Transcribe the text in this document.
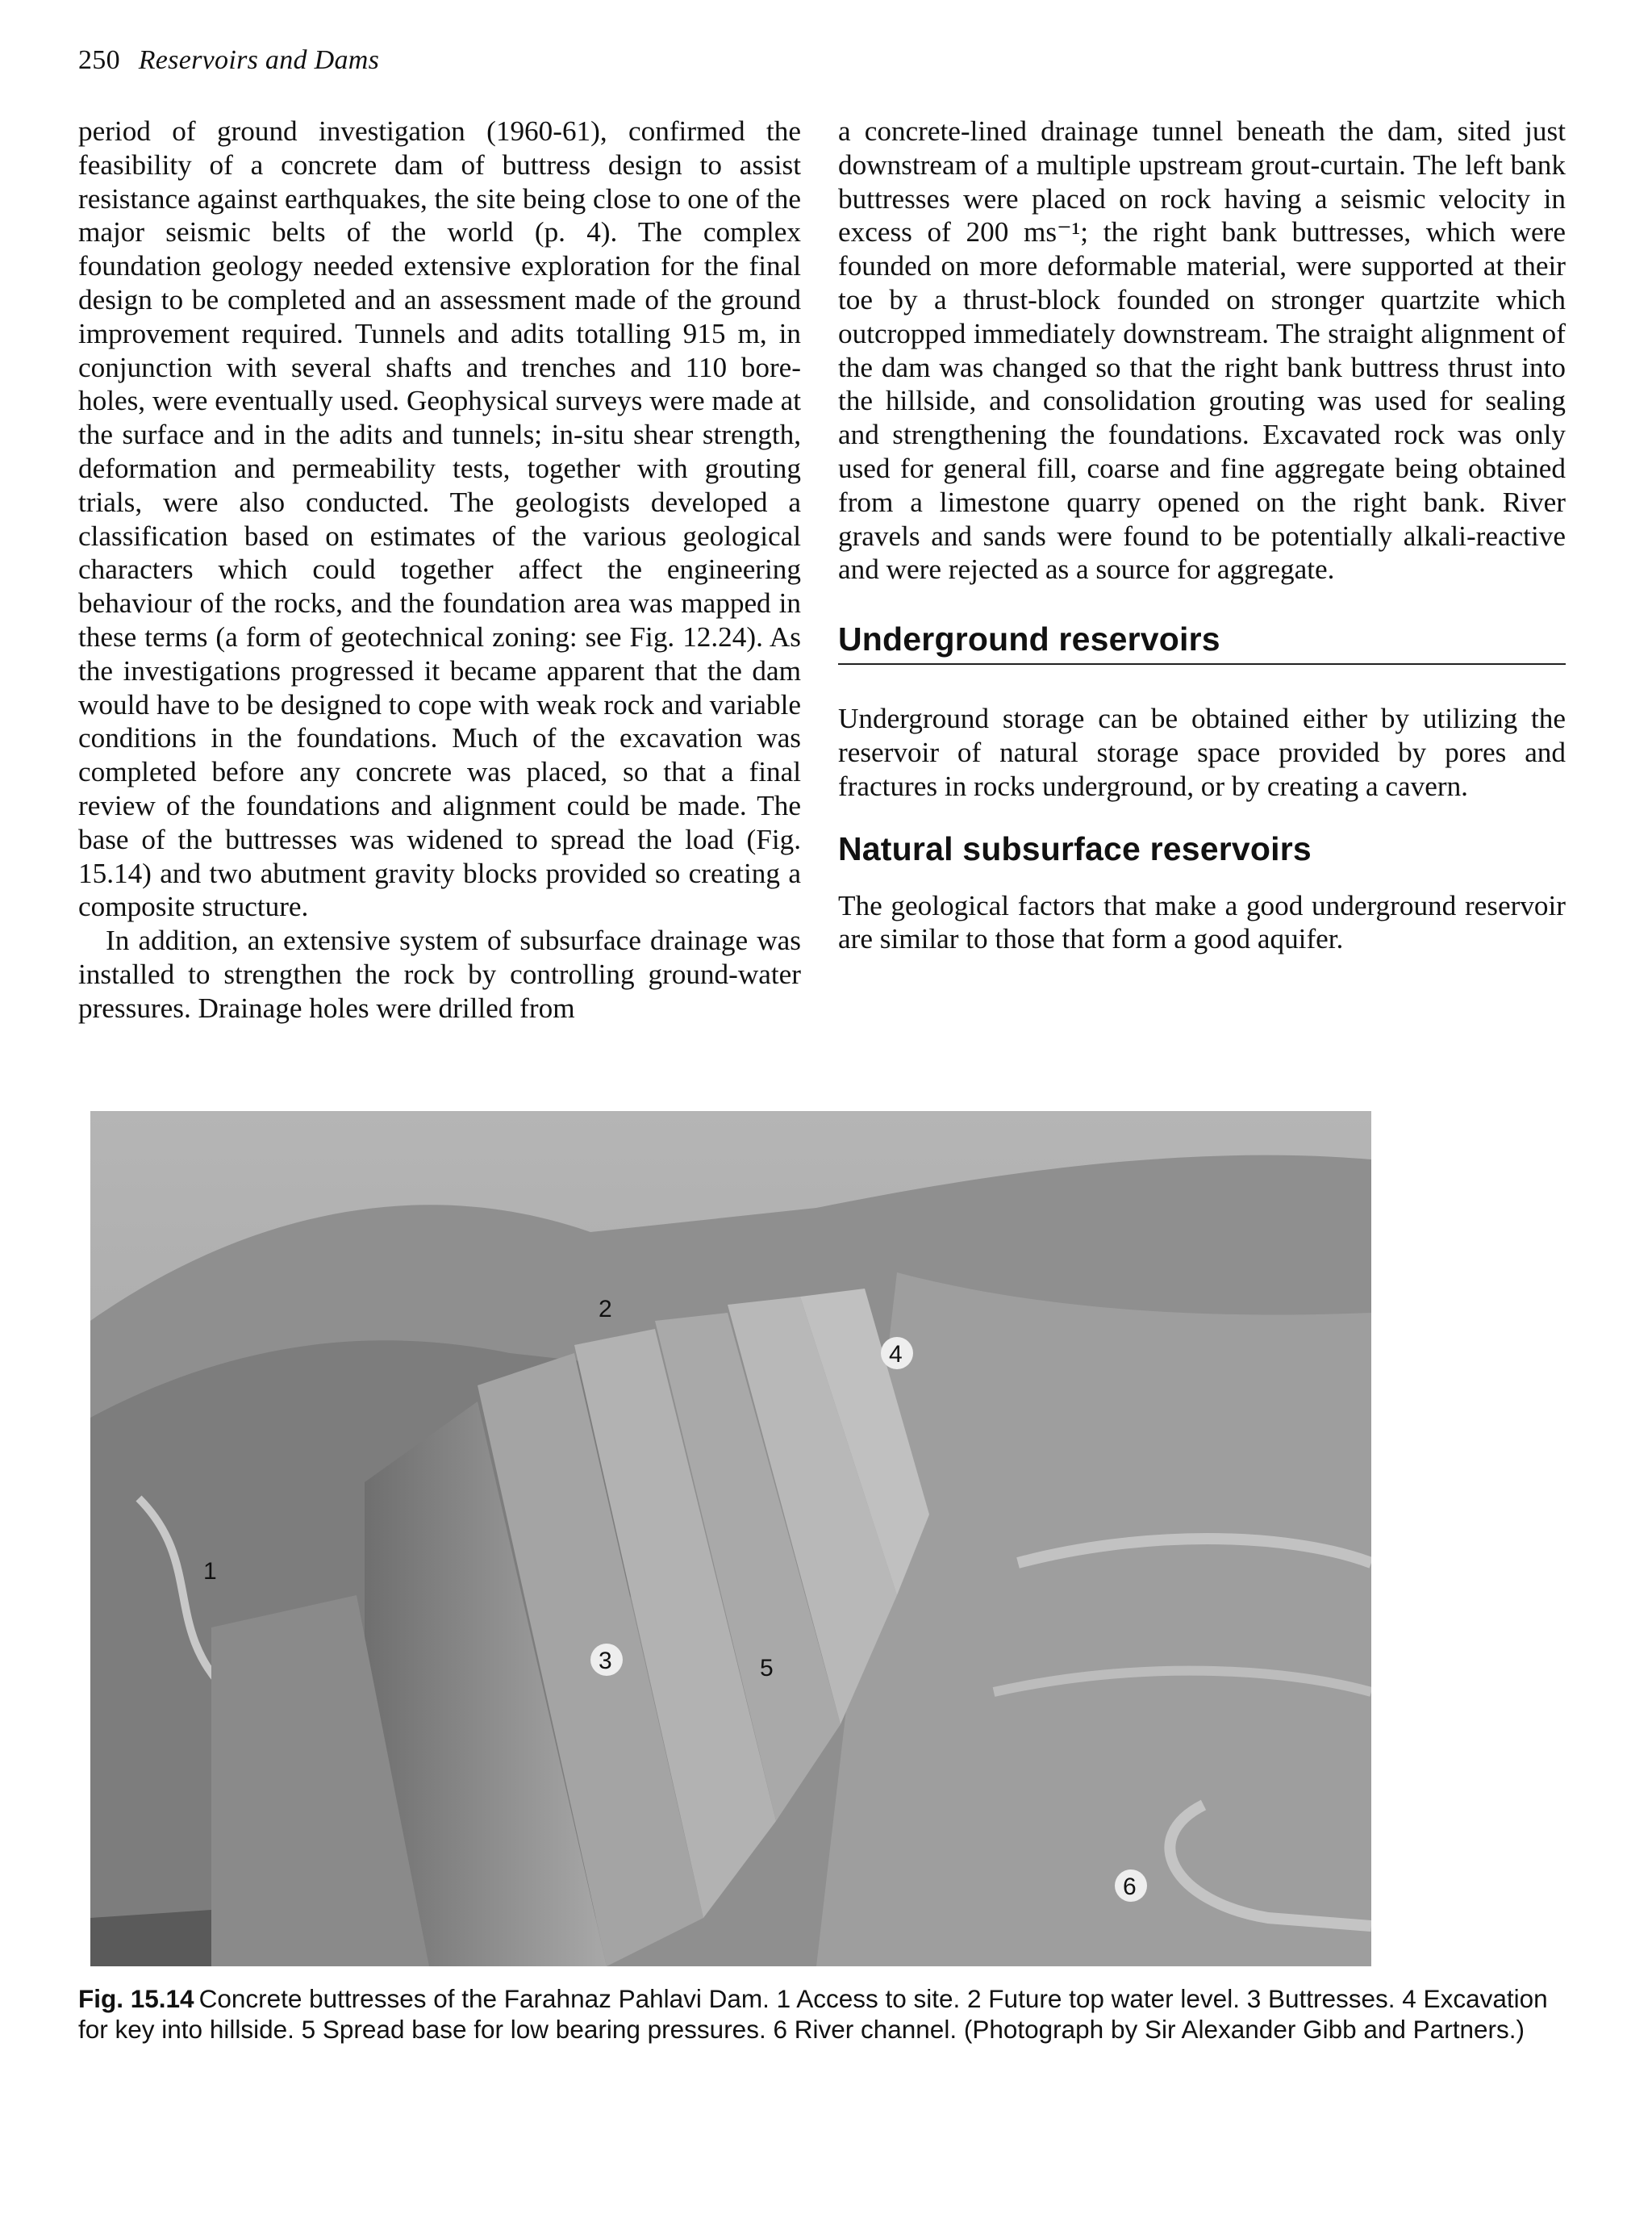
250 Reservoirs and Dams

period of ground investigation (1960-61), confirmed the feasibility of a concrete dam of buttress design to assist resistance against earthquakes, the site being close to one of the major seismic belts of the world (p. 4). The complex foundation geology needed extensive exploration for the final design to be completed and an assessment made of the ground improvement required. Tunnels and adits totalling 915 m, in conjunction with several shafts and trenches and 110 bore-holes, were eventually used. Geophysical surveys were made at the surface and in the adits and tunnels; in-situ shear strength, deformation and permeability tests, together with grouting trials, were also conducted. The geologists developed a classification based on estimates of the various geological characters which could together affect the engineering behaviour of the rocks, and the foundation area was mapped in these terms (a form of geotechnical zoning: see Fig. 12.24). As the investigations progressed it became apparent that the dam would have to be designed to cope with weak rock and variable conditions in the foundations. Much of the excavation was completed before any concrete was placed, so that a final review of the foundations and alignment could be made. The base of the buttresses was widened to spread the load (Fig. 15.14) and two abutment gravity blocks provided so creating a composite structure.

In addition, an extensive system of subsurface drainage was installed to strengthen the rock by controlling ground-water pressures. Drainage holes were drilled from

a concrete-lined drainage tunnel beneath the dam, sited just downstream of a multiple upstream grout-curtain. The left bank buttresses were placed on rock having a seismic velocity in excess of 200 ms⁻¹; the right bank buttresses, which were founded on more deformable material, were supported at their toe by a thrust-block founded on stronger quartzite which outcropped immediately downstream. The straight alignment of the dam was changed so that the right bank buttress thrust into the hillside, and consolidation grouting was used for sealing and strengthening the foundations. Excavated rock was only used for general fill, coarse and fine aggregate being obtained from a limestone quarry opened on the right bank. River gravels and sands were found to be potentially alkali-reactive and were rejected as a source for aggregate.

Underground reservoirs

Underground storage can be obtained either by utilizing the reservoir of natural storage space provided by pores and fractures in rocks underground, or by creating a cavern.

Natural subsurface reservoirs

The geological factors that make a good underground reservoir are similar to those that form a good aquifer.

1
2
3
4
5
6

Fig. 15.14 Concrete buttresses of the Farahnaz Pahlavi Dam. 1 Access to site. 2 Future top water level. 3 Buttresses. 4 Excavation for key into hillside. 5 Spread base for low bearing pressures. 6 River channel. (Photograph by Sir Alexander Gibb and Partners.)
